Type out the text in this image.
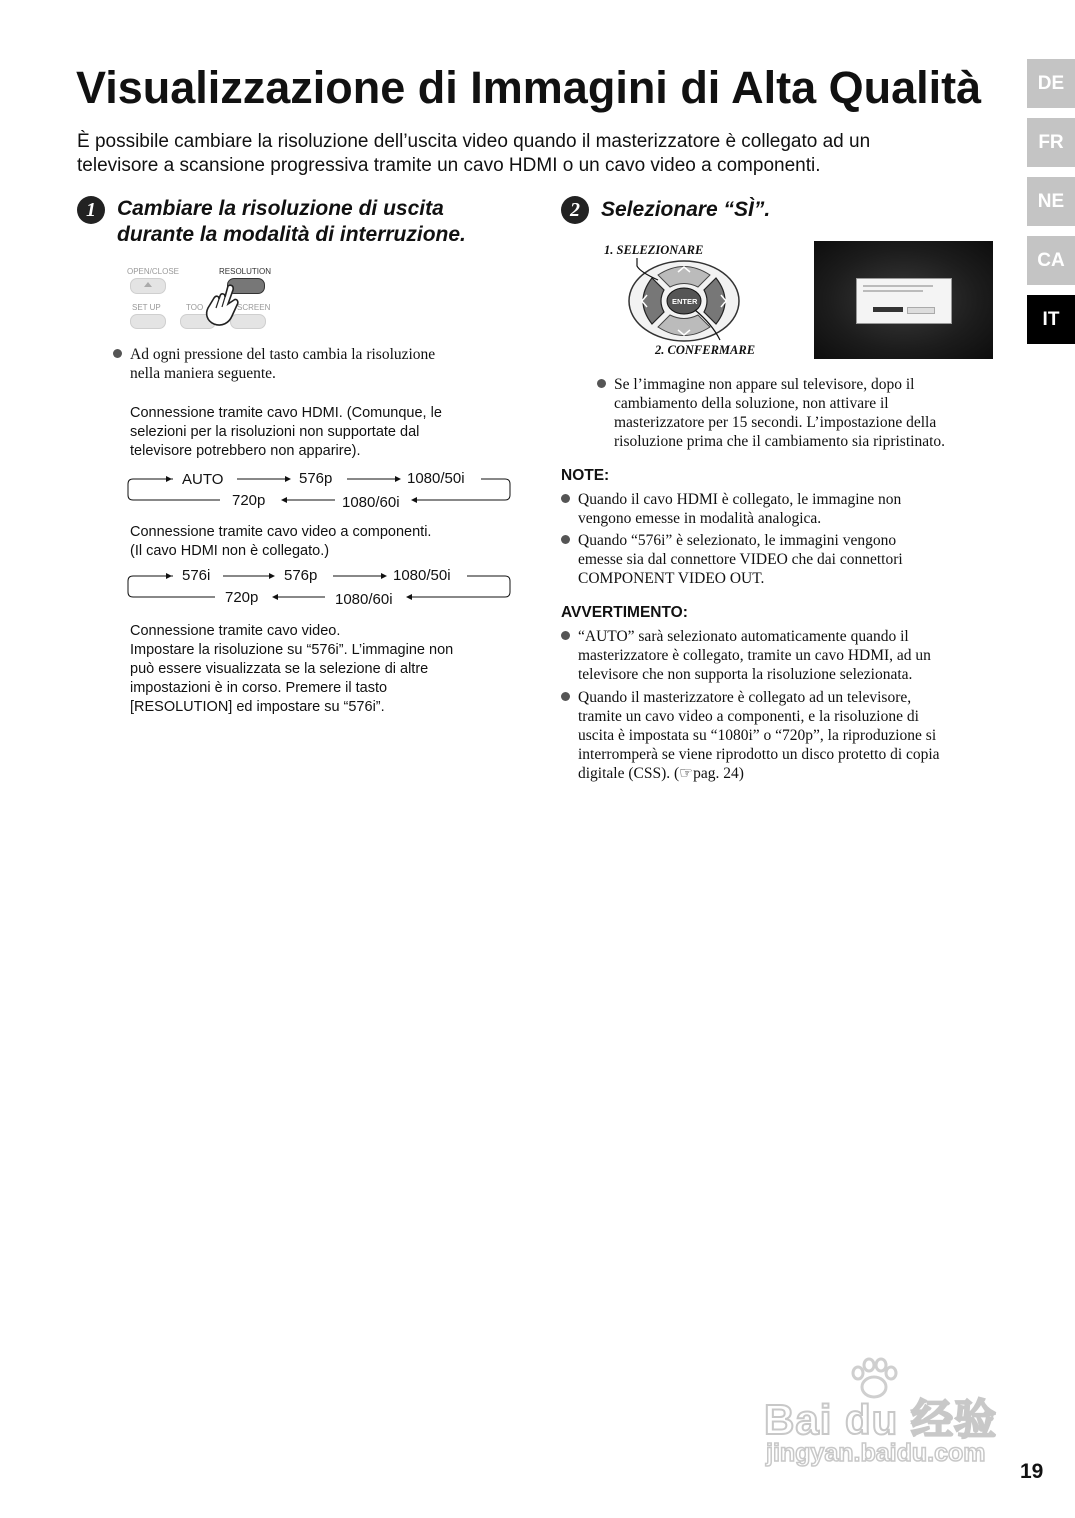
Visualizzazione di Immagini di Alta Qualità
È possibile cambiare la risoluzione dell’uscita video quando il masterizzatore è collegato ad un
televisore a scansione progressiva tramite un cavo HDMI o un cavo video a componenti.
DE
FR
NE
CA
IT
1	Cambiare la risoluzione di uscita
durante la modalità di interruzione.
OPEN/CLOSE	RESOLUTION
SET UP	TOO	SCREEN
Ad ogni pressione del tasto cambia la risoluzione
nella maniera seguente.
Connessione tramite cavo HDMI. (Comunque, le
selezioni per la risoluzioni non supportate dal
televisore potrebbero non apparire).
AUTO	576p	1080/50i
720p	1080/60i
Connessione tramite cavo video a componenti.
(Il cavo HDMI non è collegato.)
576i	576p	1080/50i
720p	1080/60i
Connessione tramite cavo video.
Impostare la risoluzione su “576i”. L’immagine non
può essere visualizzata se la selezione di altre
impostazioni è in corso. Premere il tasto
[RESOLUTION] ed impostare su “576i”.
2	Selezionare “SÌ”.
1. SELEZIONARE
2. CONFERMARE
ENTER
Se l’immagine non appare sul televisore, dopo il
cambiamento della soluzione, non attivare il
masterizzatore per 15 secondi. L’impostazione della
risoluzione prima che il cambiamento sia ripristinato.
NOTE:
Quando il cavo HDMI è collegato, le immagine non
vengono emesse in modalità analogica.
Quando “576i” è selezionato, le immagini vengono
emesse sia dal connettore VIDEO che dai connettori
COMPONENT VIDEO OUT.
AVVERTIMENTO:
“AUTO” sarà selezionato automaticamente quando il
masterizzatore è collegato, tramite un cavo HDMI, ad un
televisore che non supporta la risoluzione selezionata.
Quando il masterizzatore è collegato ad un televisore,
tramite un cavo video a componenti, e la risoluzione di
uscita è impostata su “1080i” o “720p”, la riproduzione si
interromperà se viene riprodotto un disco protetto di copia
digitale (CSS). (☞pag. 24)
Bai du 经验
jingyan.baidu.com
19
